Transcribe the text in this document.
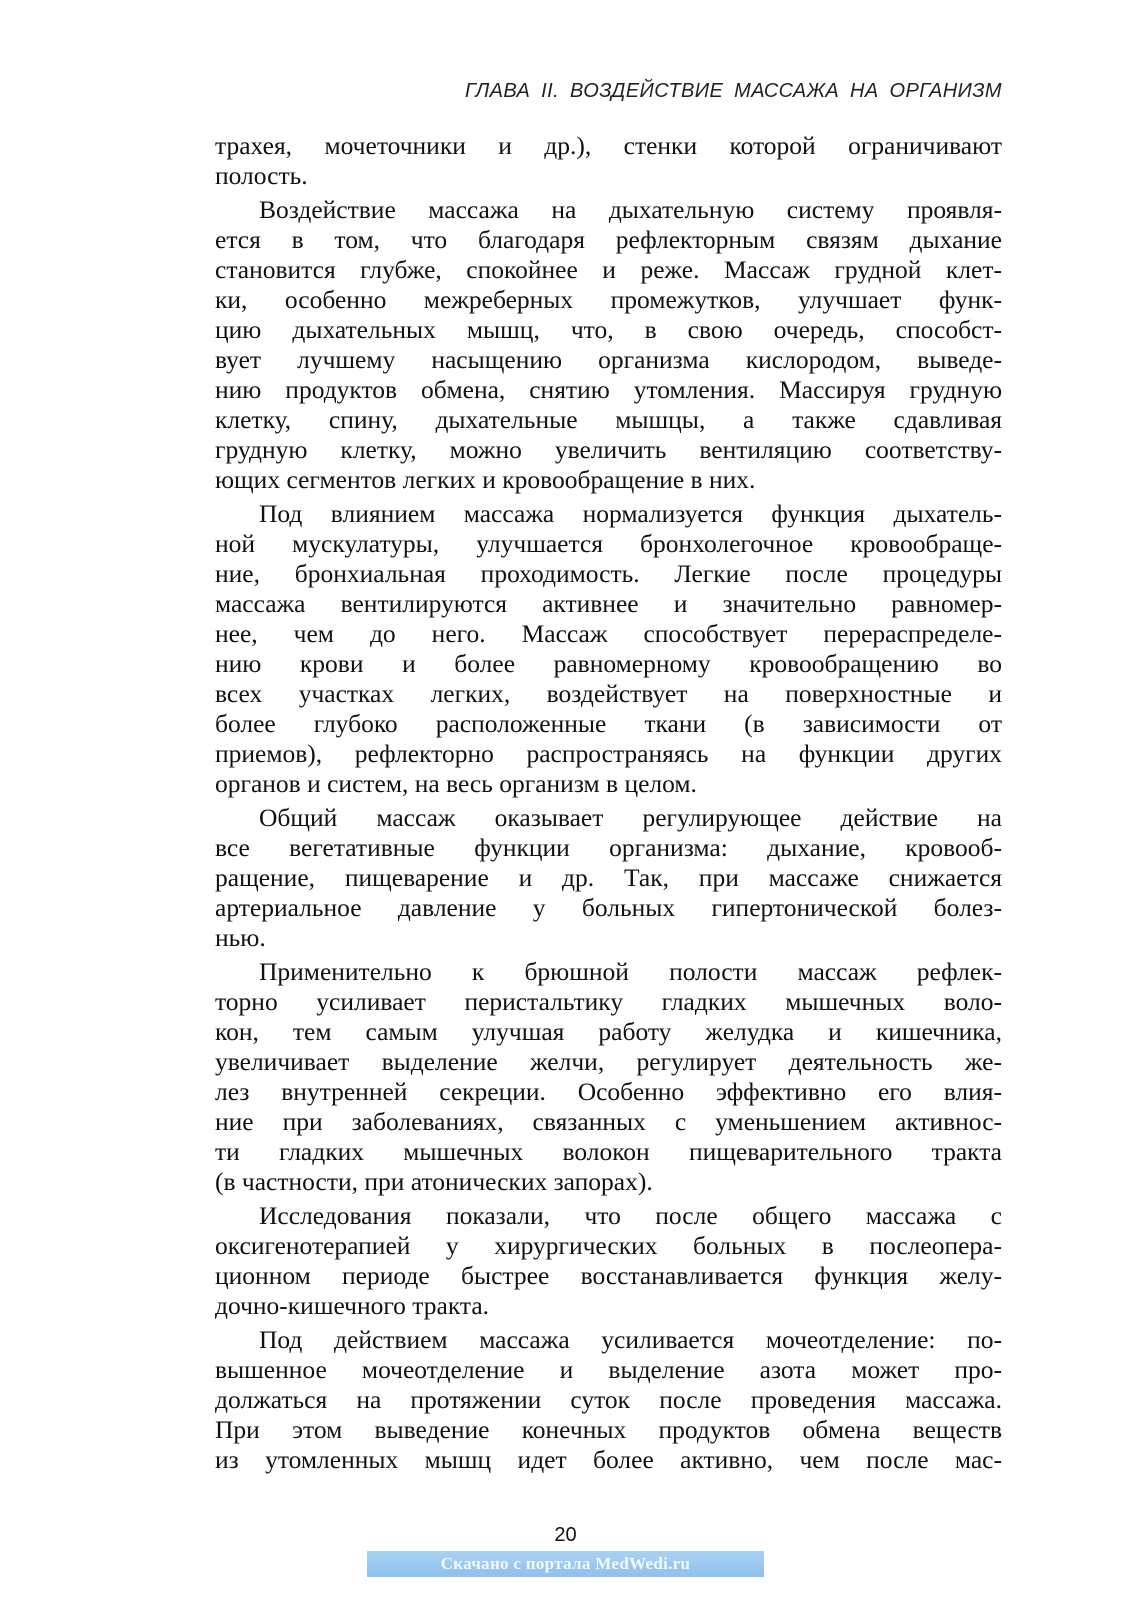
ГЛАВА II. ВОЗДЕЙСТВИЕ МАССАЖА НА ОРГАНИЗМ
трахея, мочеточники и др.), стенки которой ограничивают
полость.
Воздействие массажа на дыхательную систему проявля-
ется в том, что благодаря рефлекторным связям дыхание
становится глубже, спокойнее и реже. Массаж грудной клет-
ки, особенно межреберных промежутков, улучшает функ-
цию дыхательных мышц, что, в свою очередь, способст-
вует лучшему насыщению организма кислородом, выведе-
нию продуктов обмена, снятию утомления. Массируя грудную
клетку, спину, дыхательные мышцы, а также сдавливая
грудную клетку, можно увеличить вентиляцию соответству-
ющих сегментов легких и кровообращение в них.
Под влиянием массажа нормализуется функция дыхатель-
ной мускулатуры, улучшается бронхолегочное кровообраще-
ние, бронхиальная проходимость. Легкие после процедуры
массажа вентилируются активнее и значительно равномер-
нее, чем до него. Массаж способствует перераспределе-
нию крови и более равномерному кровообращению во
всех участках легких, воздействует на поверхностные и
более глубоко расположенные ткани (в зависимости от
приемов), рефлекторно распространяясь на функции других
органов и систем, на весь организм в целом.
Общий массаж оказывает регулирующее действие на
все вегетативные функции организма: дыхание, кровооб-
ращение, пищеварение и др. Так, при массаже снижается
артериальное давление у больных гипертонической болез-
нью.
Применительно к брюшной полости массаж рефлек-
торно усиливает перистальтику гладких мышечных воло-
кон, тем самым улучшая работу желудка и кишечника,
увеличивает выделение желчи, регулирует деятельность же-
лез внутренней секреции. Особенно эффективно его влия-
ние при заболеваниях, связанных с уменьшением активнос-
ти гладких мышечных волокон пищеварительного тракта
(в частности, при атонических запорах).
Исследования показали, что после общего массажа с
оксигенотерапией у хирургических больных в послеопера-
ционном периоде быстрее восстанавливается функция желу-
дочно-кишечного тракта.
Под действием массажа усиливается мочеотделение: по-
вышенное мочеотделение и выделение азота может про-
должаться на протяжении суток после проведения массажа.
При этом выведение конечных продуктов обмена веществ
из утомленных мышц идет более активно, чем после мас-
20
Скачано с портала MedWedi.ru
